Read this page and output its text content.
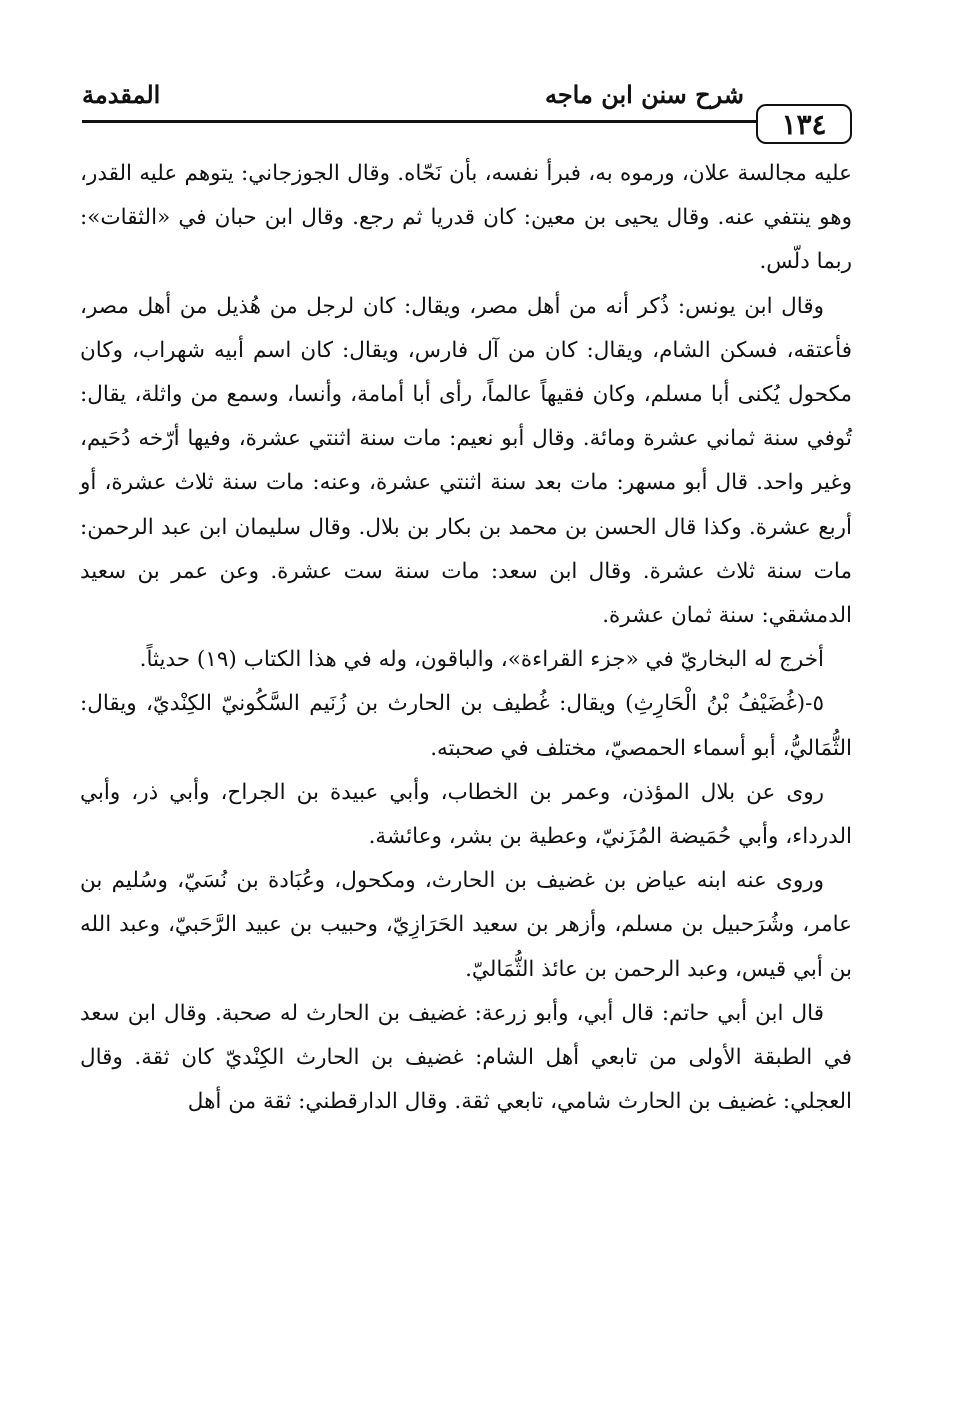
١٣٤
شرح سنن ابن ماجه
المقدمة

عليه مجالسة علان، ورموه به، فبرأ نفسه، بأن نَحّاه. وقال الجوزجاني: يتوهم عليه القدر، وهو ينتفي عنه. وقال يحيى بن معين: كان قدريا ثم رجع. وقال ابن حبان في «الثقات»: ربما دلّس.

وقال ابن يونس: ذُكر أنه من أهل مصر، ويقال: كان لرجل من هُذيل من أهل مصر، فأعتقه، فسكن الشام، ويقال: كان من آل فارس، ويقال: كان اسم أبيه شهراب، وكان مكحول يُكنى أبا مسلم، وكان فقيهاً عالماً، رأى أبا أمامة، وأنسا، وسمع من واثلة، يقال: تُوفي سنة ثماني عشرة ومائة. وقال أبو نعيم: مات سنة اثنتي عشرة، وفيها أرّخه دُحَيم، وغير واحد. قال أبو مسهر: مات بعد سنة اثنتي عشرة، وعنه: مات سنة ثلاث عشرة، أو أربع عشرة. وكذا قال الحسن بن محمد بن بكار بن بلال. وقال سليمان ابن عبد الرحمن: مات سنة ثلاث عشرة. وقال ابن سعد: مات سنة ست عشرة. وعن عمر بن سعيد الدمشقي: سنة ثمان عشرة.

أخرج له البخاريّ في «جزء القراءة»، والباقون، وله في هذا الكتاب (١٩) حديثاً.

٥-(غُضَيْفُ بْنُ الْحَارِثِ) ويقال: غُطيف بن الحارث بن زُنَيم السَّكُونيّ الكِنْديّ، ويقال: الثُّمَاليُّ، أبو أسماء الحمصيّ، مختلف في صحبته.

روى عن بلال المؤذن، وعمر بن الخطاب، وأبي عبيدة بن الجراح، وأبي ذر، وأبي الدرداء، وأبي حُمَيضة المُزَنيّ، وعطية بن بشر، وعائشة.

وروى عنه ابنه عياض بن غضيف بن الحارث، ومكحول، وعُبَادة بن نُسَيّ، وسُليم بن عامر، وشُرَحبيل بن مسلم، وأزهر بن سعيد الحَرَازِيّ، وحبيب بن عبيد الرَّحَبيّ، وعبد الله بن أبي قيس، وعبد الرحمن بن عائذ الثُّمَاليّ.

قال ابن أبي حاتم: قال أبي، وأبو زرعة: غضيف بن الحارث له صحبة. وقال ابن سعد في الطبقة الأولى من تابعي أهل الشام: غضيف بن الحارث الكِنْديّ كان ثقة. وقال العجلي: غضيف بن الحارث شامي، تابعي ثقة. وقال الدارقطني: ثقة من أهل
